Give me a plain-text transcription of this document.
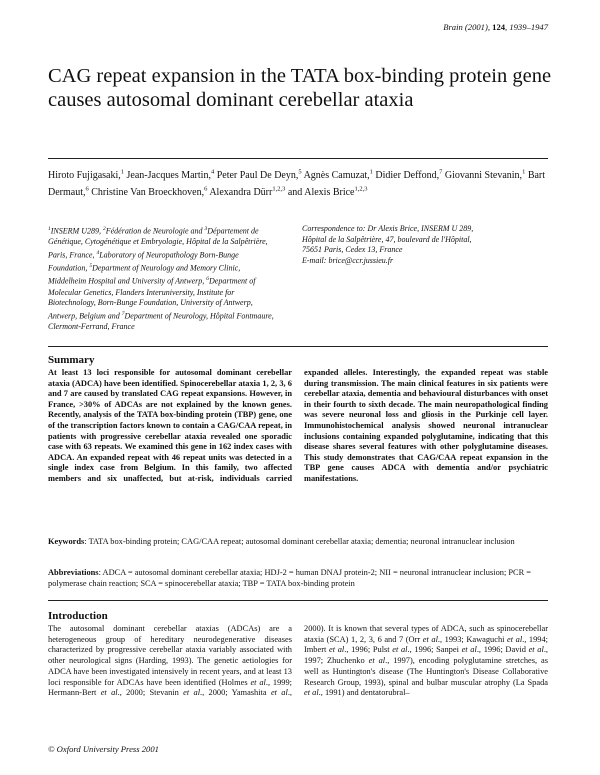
Brain (2001), 124, 1939–1947
CAG repeat expansion in the TATA box-binding protein gene causes autosomal dominant cerebellar ataxia
Hiroto Fujigasaki,$^1$ Jean-Jacques Martin,$^4$ Peter Paul De Deyn,$^5$ Agnès Camuzat,$^1$ Didier Deffond,$^7$ Giovanni Stevanin,$^1$ Bart Dermaut,$^6$ Christine Van Broeckhoven,$^6$ Alexandra Dürr$^{1,2,3}$ and Alexis Brice$^{1,2,3}$
$^1$INSERM U289, $^2$Fédération de Neurologie and $^3$Département de Génétique, Cytogénétique et Embryologie, Hôpital de la Salpêtrière, Paris, France, $^4$Laboratory of Neuropathology Born-Bunge Foundation, $^5$Department of Neurology and Memory Clinic, Middelheim Hospital and University of Antwerp, $^6$Department of Molecular Genetics, Flanders Interuniversity, Institute for Biotechnology, Born-Bunge Foundation, University of Antwerp, Antwerp, Belgium and $^7$Department of Neurology, Hôpital Fontmaure, Clermont-Ferrand, France
Correspondence to: Dr Alexis Brice, INSERM U 289,
Hôpital de la Salpêtrière, 47, boulevard de l'Hôpital,
75651 Paris, Cedex 13, France
E-mail: brice@ccr.jussieu.fr
Summary

At least 13 loci responsible for autosomal dominant cerebellar ataxia (ADCA) have been identified. Spinocerebellar ataxia 1, 2, 3, 6 and 7 are caused by translated CAG repeat expansions. However, in France, >30% of ADCAs are not explained by the known genes. Recently, analysis of the TATA box-binding protein (TBP) gene, one of the transcription factors known to contain a CAG/CAA repeat, in patients with progressive cerebellar ataxia revealed one sporadic case with 63 repeats. We examined this gene in 162 index cases with ADCA. An expanded repeat with 46 repeat units was detected in a single index case from Belgium. In this family, two affected members and six unaffected, but at-risk, individuals carried expanded alleles. Interestingly, the expanded repeat was stable during transmission. The main clinical features in six patients were cerebellar ataxia, dementia and behavioural disturbances with onset in their fourth to sixth decade. The main neuropathological finding was severe neuronal loss and gliosis in the Purkinje cell layer. Immunohistochemical analysis showed neuronal intranuclear inclusions containing expanded polyglutamine, indicating that this disease shares several features with other polyglutamine diseases. This study demonstrates that CAG/CAA repeat expansion in the TBP gene causes ADCA with dementia and/or psychiatric manifestations.

Keywords: TATA box-binding protein; CAG/CAA repeat; autosomal dominant cerebellar ataxia; dementia; neuronal intranuclear inclusion

Abbreviations: ADCA = autosomal dominant cerebellar ataxia; HDJ-2 = human DNAJ protein-2; NII = neuronal intranuclear inclusion; PCR = polymerase chain reaction; SCA = spinocerebellar ataxia; TBP = TATA box-binding protein

Introduction

The autosomal dominant cerebellar ataxias (ADCAs) are a heterogeneous group of hereditary neurodegenerative diseases characterized by progressive cerebellar ataxia variably associated with other neurological signs (Harding, 1993). The genetic aetiologies for ADCA have been investigated intensively in recent years, and at least 13 loci responsible for ADCAs have been identified (Holmes et al., 1999; Hermann-Bert et al., 2000; Stevanin et al., 2000; Yamashita et al., 2000). It is known that several types of ADCA, such as spinocerebellar ataxia (SCA) 1, 2, 3, 6 and 7 (Orr et al., 1993; Kawaguchi et al., 1994; Imbert et al., 1996; Pulst et al., 1996; Sanpei et al., 1996; David et al., 1997; Zhuchenko et al., 1997), encoding polyglutamine stretches, as well as Huntington's disease (The Huntington's Disease Collaborative Research Group, 1993), spinal and bulbar muscular atrophy (La Spada et al., 1991) and dentatorubral–

© Oxford University Press 2001
